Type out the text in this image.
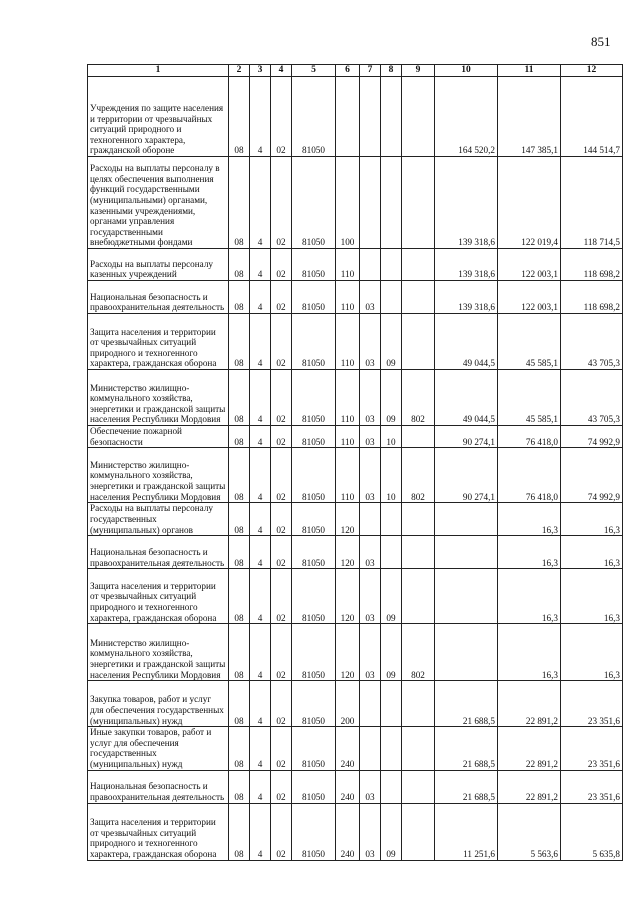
851
1	2	3	4	5	6	7	8	9	10	11	12
Учреждения по защите населения и территории от чрезвычайных ситуаций природного и техногенного характера, гражданской обороне	08	4	02	81050					164 520,2	147 385,1	144 514,7
Расходы на выплаты персоналу в целях обеспечения выполнения функций государственными (муниципальными) органами, казенными учреждениями, органами управления государственными внебюджетными фондами	08	4	02	81050	100				139 318,6	122 019,4	118 714,5
Расходы на выплаты персоналу казенных учреждений	08	4	02	81050	110				139 318,6	122 003,1	118 698,2
Национальная безопасность и правоохранительная деятельность	08	4	02	81050	110	03			139 318,6	122 003,1	118 698,2
Защита населения и территории от чрезвычайных ситуаций природного и техногенного характера, гражданская оборона	08	4	02	81050	110	03	09		49 044,5	45 585,1	43 705,3
Министерство жилищно-коммунального хозяйства, энергетики и гражданской защиты населения Республики Мордовия	08	4	02	81050	110	03	09	802	49 044,5	45 585,1	43 705,3
Обеспечение пожарной безопасности	08	4	02	81050	110	03	10		90 274,1	76 418,0	74 992,9
Министерство жилищно-коммунального хозяйства, энергетики и гражданской защиты населения Республики Мордовия	08	4	02	81050	110	03	10	802	90 274,1	76 418,0	74 992,9
Расходы на выплаты персоналу государственных (муниципальных) органов	08	4	02	81050	120					16,3	16,3
Национальная безопасность и правоохранительная деятельность	08	4	02	81050	120	03				16,3	16,3
Защита населения и территории от чрезвычайных ситуаций природного и техногенного характера, гражданская оборона	08	4	02	81050	120	03	09			16,3	16,3
Министерство жилищно-коммунального хозяйства, энергетики и гражданской защиты населения Республики Мордовия	08	4	02	81050	120	03	09	802		16,3	16,3
Закупка товаров, работ и услуг для обеспечения государственных (муниципальных) нужд	08	4	02	81050	200				21 688,5	22 891,2	23 351,6
Иные закупки товаров, работ и услуг для обеспечения государственных (муниципальных) нужд	08	4	02	81050	240				21 688,5	22 891,2	23 351,6
Национальная безопасность и правоохранительная деятельность	08	4	02	81050	240	03			21 688,5	22 891,2	23 351,6
Защита населения и территории от чрезвычайных ситуаций природного и техногенного характера, гражданская оборона	08	4	02	81050	240	03	09		11 251,6	5 563,6	5 635,8
